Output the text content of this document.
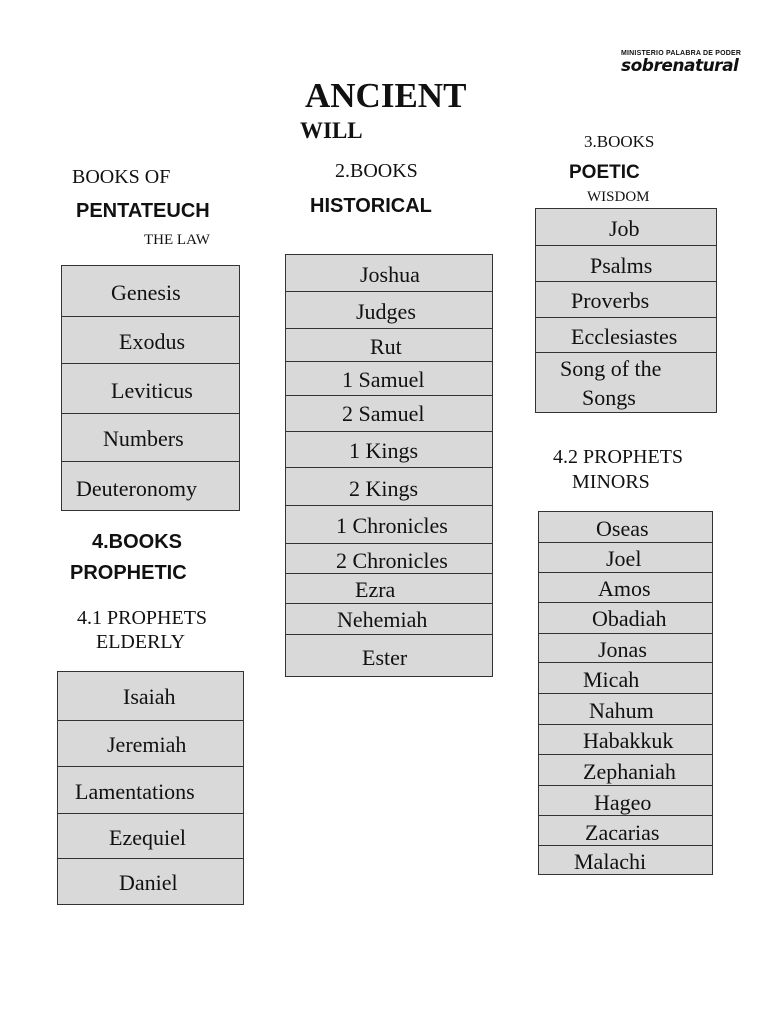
MINISTERIO PALABRA DE PODER
sobrenatural
ANCIENT
WILL
BOOKS OF
PENTATEUCH
THE LAW
Genesis
Exodus
Leviticus
Numbers
Deuteronomy
2.BOOKS
HISTORICAL
Joshua
Judges
Rut
1 Samuel
2 Samuel
1 Kings
2 Kings
1 Chronicles
2 Chronicles
Ezra
Nehemiah
Ester
3.BOOKS
POETIC
WISDOM
Job
Psalms
Proverbs
Ecclesiastes
Song of the
Songs
4.BOOKS
PROPHETIC
4.1 PROPHETS
ELDERLY
Isaiah
Jeremiah
Lamentations
Ezequiel
Daniel
4.2 PROPHETS
MINORS
Oseas
Joel
Amos
Obadiah
Jonas
Micah
Nahum
Habakkuk
Zephaniah
Hageo
Zacarias
Malachi
